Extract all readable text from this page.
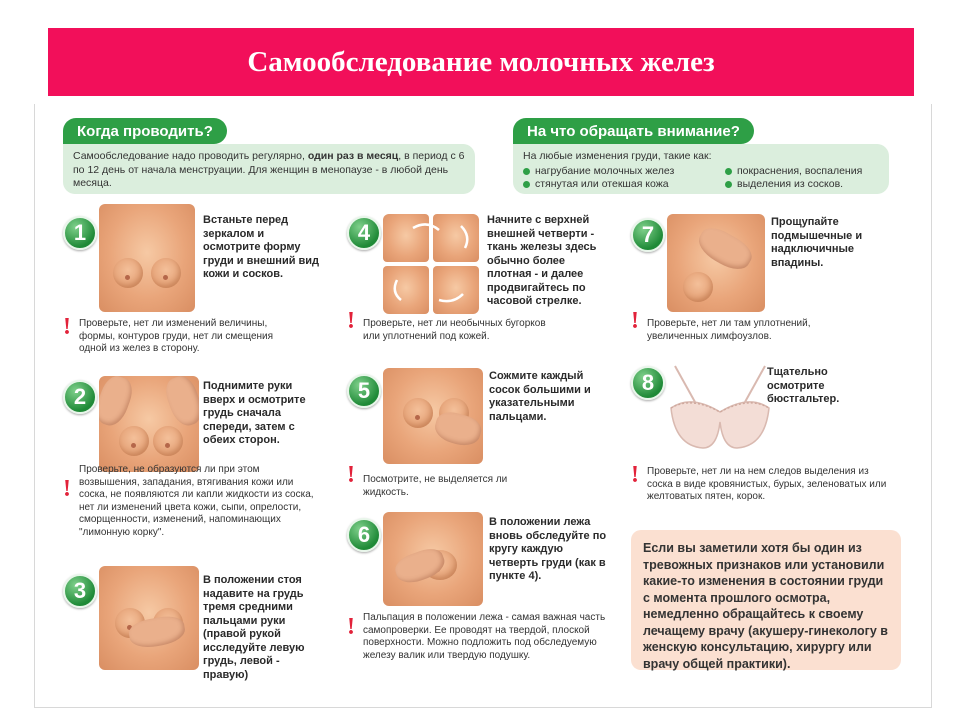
Самообследование молочных желез
Когда проводить?
Самообследование надо проводить регулярно, один раз в месяц, в период с 6 по 12 день от начала менструации. Для женщин в менопаузе - в любой день месяца.
На что обращать внимание?
На любые изменения груди, такие как:
нагрубание молочных желез	покраснения, воспаления
стянутая или отекшая кожа	выделения из сосков.
1	Встаньте перед зеркалом и осмотрите форму груди и внешний вид кожи и сосков.
! Проверьте, нет ли изменений величины, формы, контуров груди, нет ли смещения одной из желез в сторону.
2	Поднимите руки вверх и осмотрите грудь сначала спереди, затем с обеих сторон.
!
Проверьте, не образуются ли при этом возвышения, западания, втягивания кожи или соска, не появляются ли капли жидкости из соска, нет ли изменений цвета кожи, сыпи, опрелости, сморщенности, изменений, напоминающих "лимонную корку".
3	В положении стоя надавите на грудь тремя средними пальцами руки (правой рукой исследуйте левую грудь, левой - правую)
4	Начните с верхней внешней четверти - ткань железы здесь обычно более плотная - и далее продвигайтесь по часовой стрелке.
! Проверьте, нет ли необычных бугорков или уплотнений под кожей.
5
Сожмите каждый сосок большими и указательными пальцами.
! Посмотрите, не выделяется ли жидкость.
6	В положении лежа вновь обследуйте по кругу каждую четверть груди (как в пункте 4).
! Пальпация в положении лежа - самая важная часть самопроверки. Ее проводят на твердой, плоской поверхности. Можно подложить под обследуемую железу валик или твердую подушку.
7	Прощупайте подмышечные и надключичные впадины.
! Проверьте, нет ли там уплотнений, увеличенных лимфоузлов.
8	Тщательно осмотрите бюстгальтер.
! Проверьте, нет ли на нем следов выделения из соска в виде кровянистых, бурых, зеленоватых или желтоватых пятен, корок.
Если вы заметили хотя бы один из тревожных признаков или установили какие-то изменения в состоянии груди с момента прошлого осмотра, немедленно обращайтесь к своему лечащему врачу (акушеру-гинекологу в женскую консультацию, хирургу или врачу общей практики).
